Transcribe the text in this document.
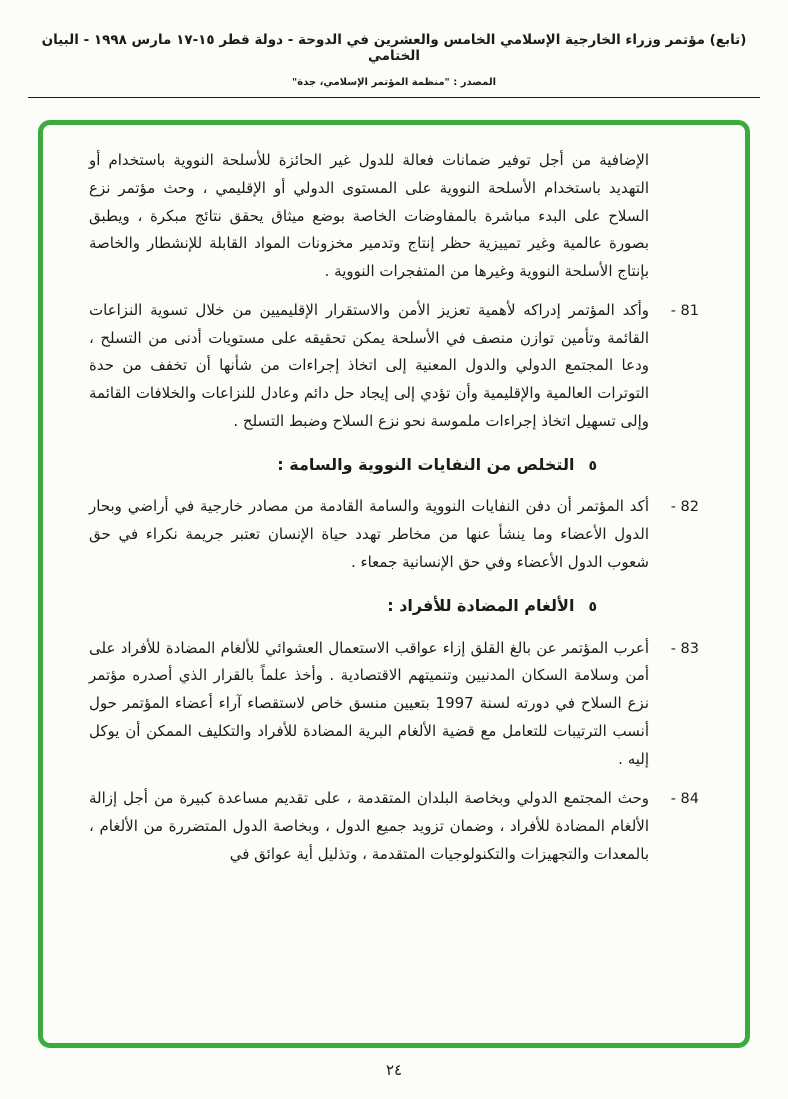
(تابع) مؤتمر وزراء الخارجية الإسلامي الخامس والعشرين في الدوحة - دولة قطر ١٥-١٧ مارس ١٩٩٨ - البيان الختامي
المصدر : "منظمة المؤتمر الإسلامي، جدة"

الإضافية من أجل توفير ضمانات فعالة للدول غير الحائزة للأسلحة النووية باستخدام أو التهديد باستخدام الأسلحة النووية على المستوى الدولي أو الإقليمي ، وحث مؤتمر نزع السلاح على البدء مباشرة بالمفاوضات الخاصة بوضع ميثاق يحقق نتائج مبكرة ، ويطبق بصورة عالمية وغير تمييزية حظر إنتاج وتدمير مخزونات المواد القابلة للإنشطار والخاصة بإنتاج الأسلحة النووية وغيرها من المتفجرات النووية .

81 -

وأكد المؤتمر إدراكه لأهمية تعزيز الأمن والاستقرار الإقليميين من خلال تسوية النزاعات القائمة وتأمين توازن منصف في الأسلحة يمكن تحقيقه على مستويات أدنى من التسلح ، ودعا المجتمع الدولي والدول المعنية إلى اتخاذ إجراءات من شأنها أن تخفف من حدة التوترات العالمية والإقليمية وأن تؤدي إلى إيجاد حل دائم وعادل للنزاعات والخلافات القائمة وإلى تسهيل اتخاذ إجراءات ملموسة نحو نزع السلاح وضبط التسلح .

٥
التخلص من النفايات النووية والسامة :
82 -

أكد المؤتمر أن دفن النفايات النووية والسامة القادمة من مصادر خارجية في أراضي وبحار الدول الأعضاء وما ينشأ عنها من مخاطر تهدد حياة الإنسان تعتبر جريمة نكراء في حق شعوب الدول الأعضاء وفي حق الإنسانية جمعاء .

٥
الألغام المضادة للأفراد :
83 -

أعرب المؤتمر عن بالغ القلق إزاء عواقب الاستعمال العشوائي للألغام المضادة للأفراد على أمن وسلامة السكان المدنيين وتنميتهم الاقتصادية . وأخذ علماً بالقرار الذي أصدره مؤتمر نزع السلاح في دورته لسنة 1997 بتعيين منسق خاص لاستقصاء آراء أعضاء المؤتمر حول أنسب الترتيبات للتعامل مع قضية الألغام البرية المضادة للأفراد والتكليف الممكن أن يوكل إليه .

84 -

وحث المجتمع الدولي وبخاصة البلدان المتقدمة ، على تقديم مساعدة كبيرة من أجل إزالة الألغام المضادة للأفراد ، وضمان تزويد جميع الدول ، وبخاصة الدول المتضررة من الألغام ، بالمعدات والتجهيزات والتكنولوجيات المتقدمة ، وتذليل أية عوائق في

٢٤
